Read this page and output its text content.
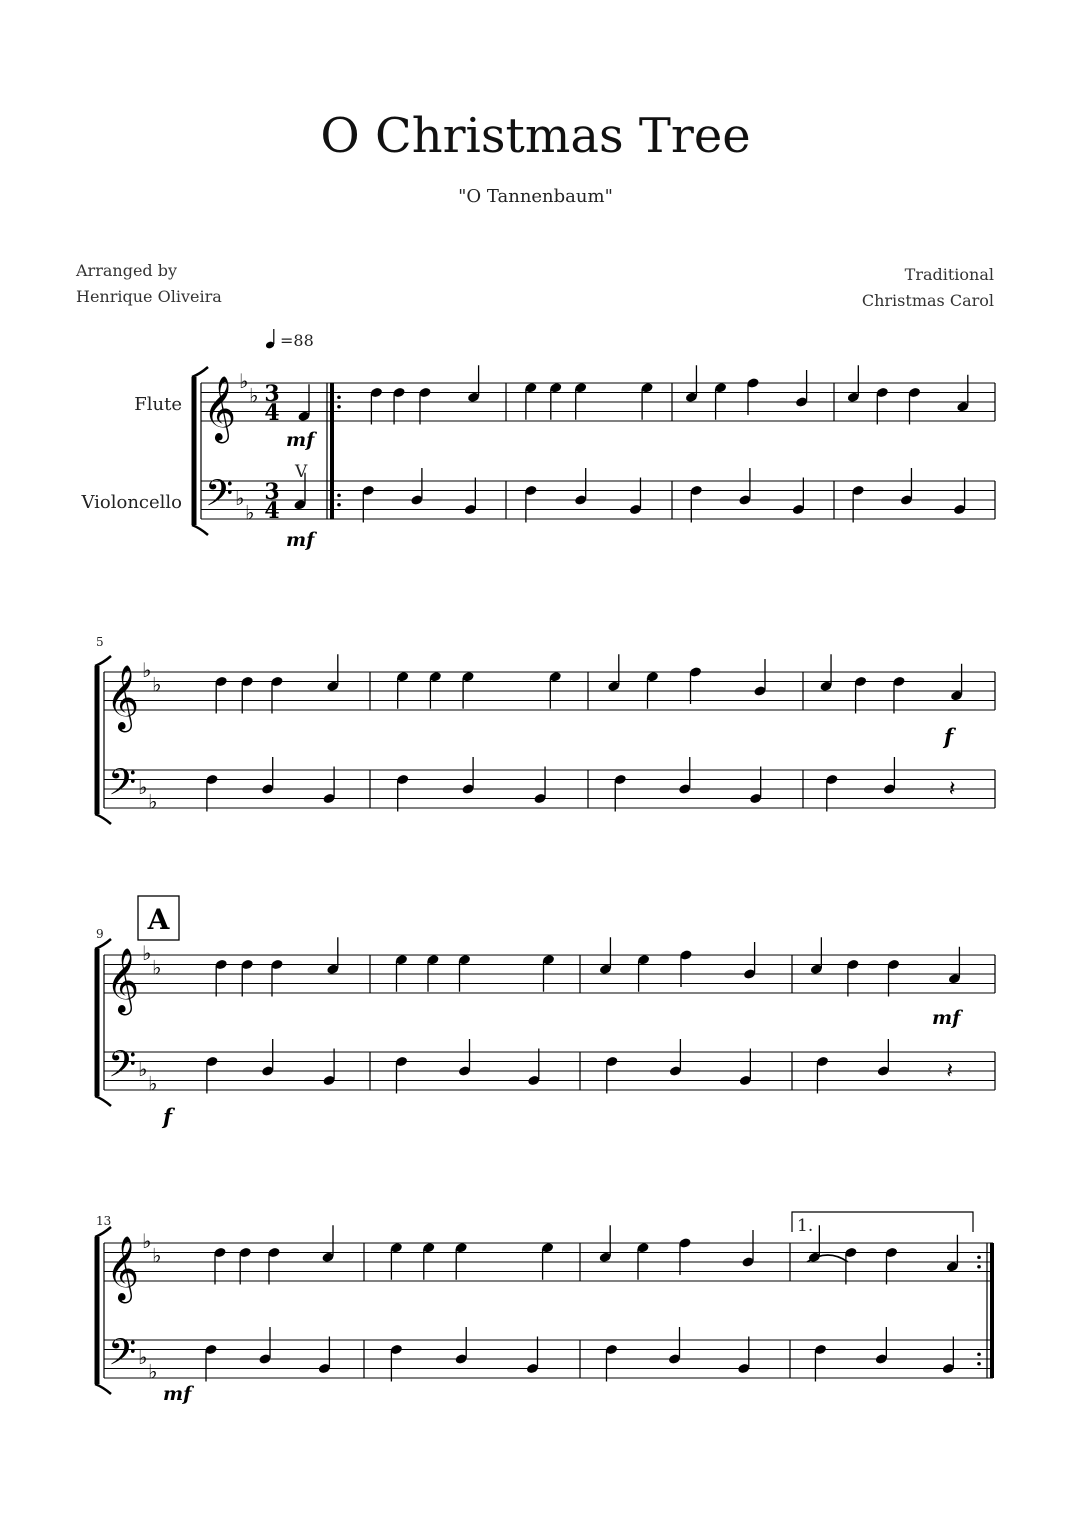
O Christmas Tree
"O Tannenbaum"
Arranged by
Henrique Oliveira
Traditional
Christmas Carol
=88
Flute
Violoncello
𝄞 ♭
♭ 3
4
𝄢 ♭
♭
3
4
𝄞 ♭
♭
𝄢 ♭
♭	𝄽
𝄞 ♭
♭
𝄢 ♭
♭	𝄽
𝄞 ♭
♭
𝄢 ♭
♭
5
9
13
A
mf
mf
f
mf
f
mf
V
1.
